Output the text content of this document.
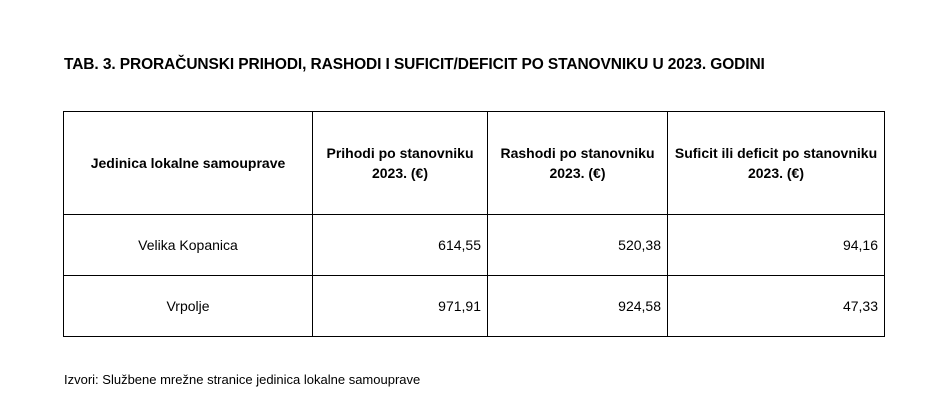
TAB. 3. PRORAČUNSKI PRIHODI, RASHODI I SUFICIT/DEFICIT PO STANOVNIKU U 2023. GODINI
Jedinica lokalne samouprave	Prihodi po stanovniku 2023. (€)	Rashodi po stanovniku 2023. (€)	Suficit ili deficit po stanovniku 2023. (€)
Velika Kopanica	614,55	520,38	94,16
Vrpolje	971,91	924,58	47,33
Izvori: Službene mrežne stranice jedinica lokalne samouprave
